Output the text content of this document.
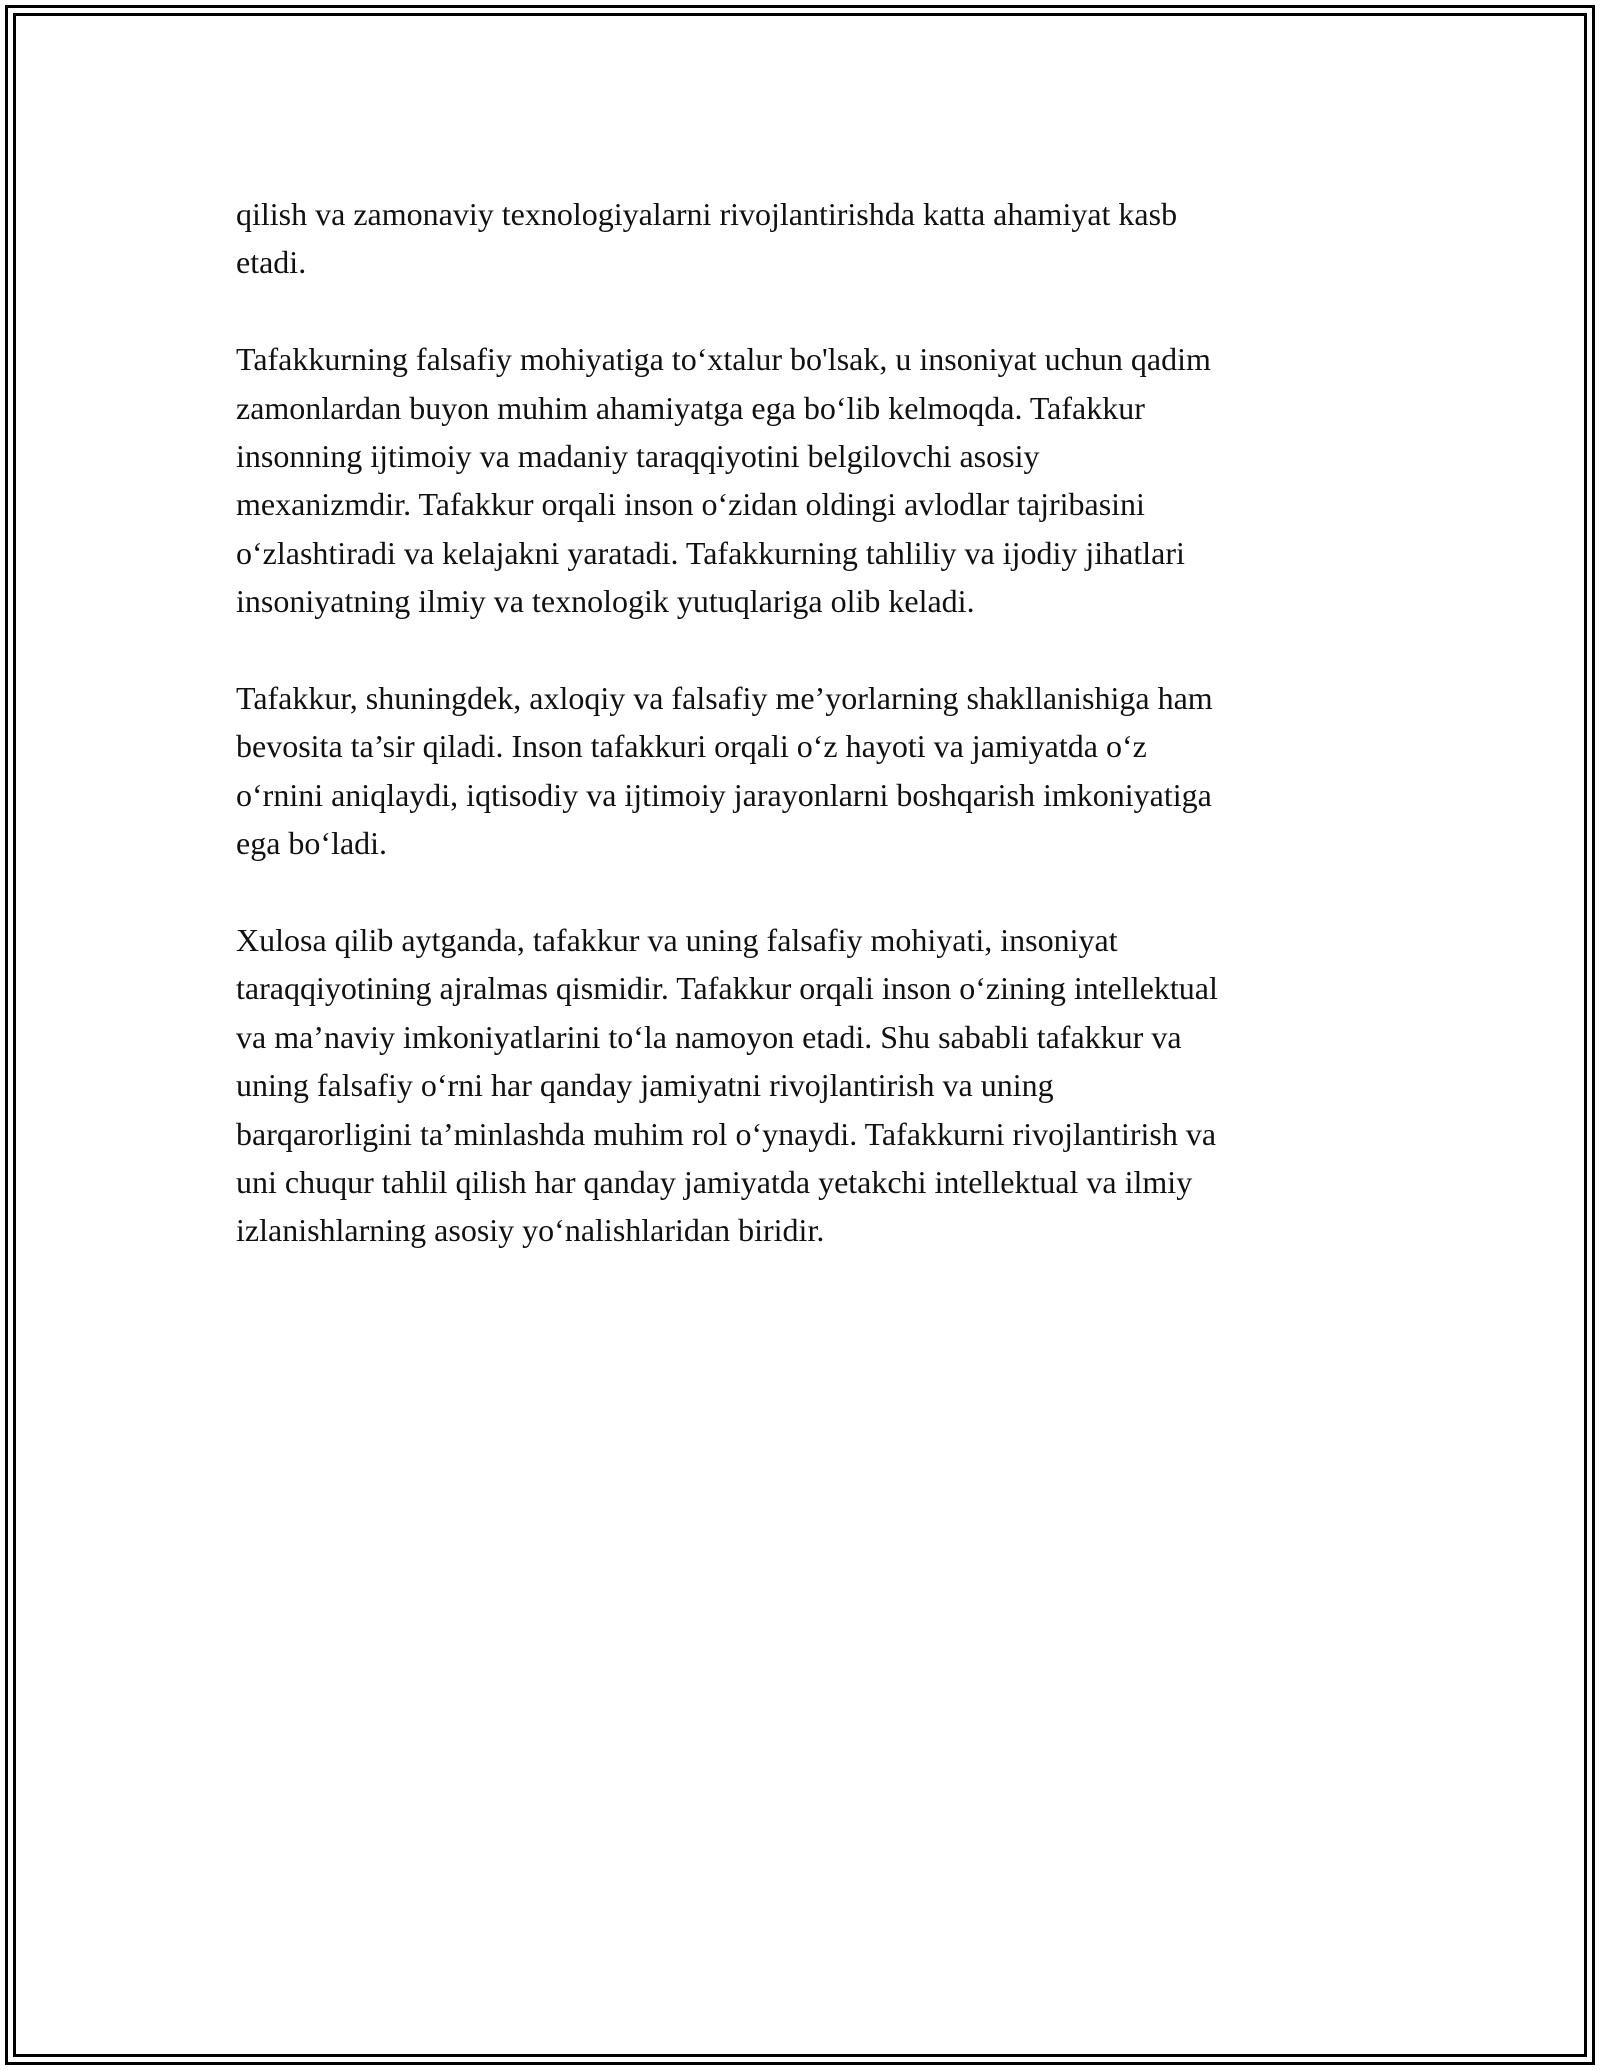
qilish va zamonaviy texnologiyalarni rivojlantirishda katta ahamiyat kasb
etadi.

Tafakkurning falsafiy mohiyatiga to‘xtalur bo'lsak, u insoniyat uchun qadim
zamonlardan buyon muhim ahamiyatga ega bo‘lib kelmoqda. Tafakkur
insonning ijtimoiy va madaniy taraqqiyotini belgilovchi asosiy
mexanizmdir. Tafakkur orqali inson o‘zidan oldingi avlodlar tajribasini
o‘zlashtiradi va kelajakni yaratadi. Tafakkurning tahliliy va ijodiy jihatlari
insoniyatning ilmiy va texnologik yutuqlariga olib keladi.

Tafakkur, shuningdek, axloqiy va falsafiy me’yorlarning shakllanishiga ham
bevosita ta’sir qiladi. Inson tafakkuri orqali o‘z hayoti va jamiyatda o‘z
o‘rnini aniqlaydi, iqtisodiy va ijtimoiy jarayonlarni boshqarish imkoniyatiga
ega bo‘ladi.

Xulosa qilib aytganda, tafakkur va uning falsafiy mohiyati, insoniyat
taraqqiyotining ajralmas qismidir. Tafakkur orqali inson o‘zining intellektual
va ma’naviy imkoniyatlarini to‘la namoyon etadi. Shu sababli tafakkur va
uning falsafiy o‘rni har qanday jamiyatni rivojlantirish va uning
barqarorligini ta’minlashda muhim rol o‘ynaydi. Tafakkurni rivojlantirish va
uni chuqur tahlil qilish har qanday jamiyatda yetakchi intellektual va ilmiy
izlanishlarning asosiy yo‘nalishlaridan biridir.
